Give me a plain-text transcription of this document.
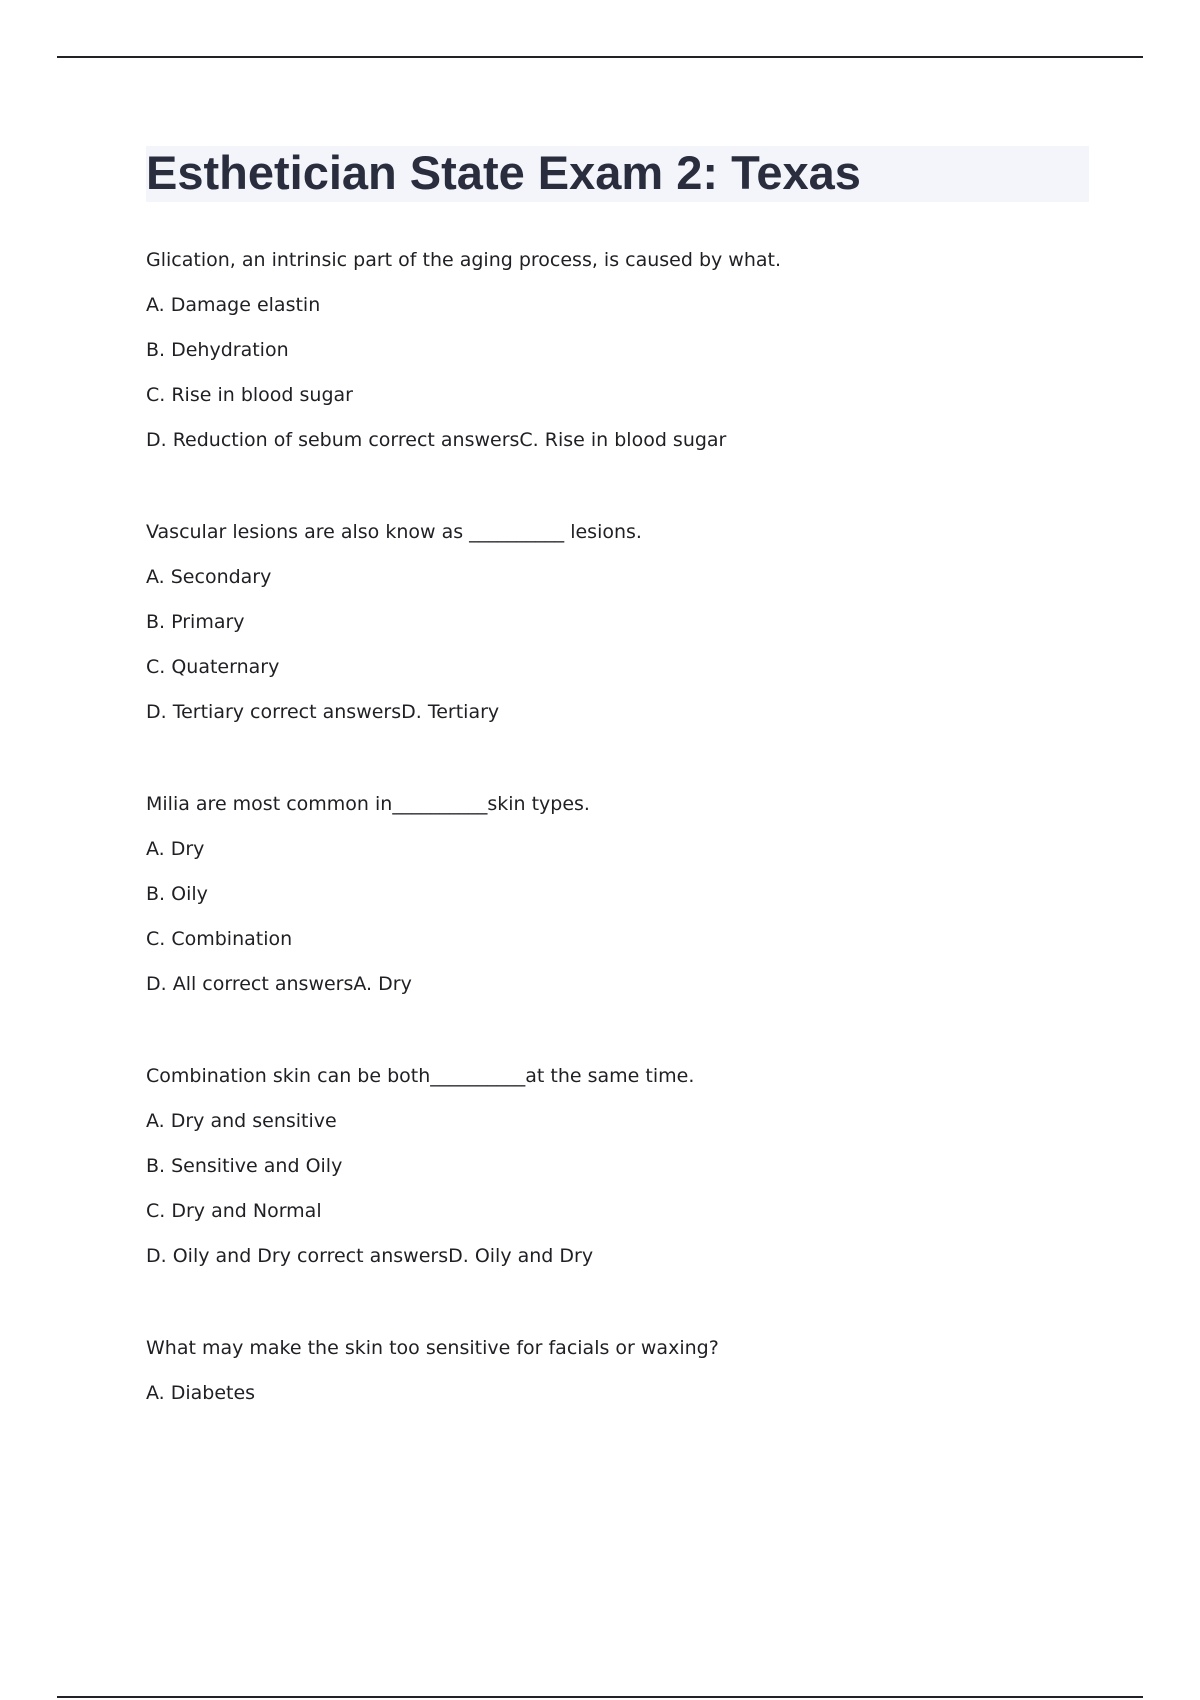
Esthetician State Exam 2: Texas
Glication, an intrinsic part of the aging process, is caused by what.
A. Damage elastin
B. Dehydration
C. Rise in blood sugar
D. Reduction of sebum correct answersC. Rise in blood sugar
Vascular lesions are also know as __________ lesions.
A. Secondary
B. Primary
C. Quaternary
D. Tertiary correct answersD. Tertiary
Milia are most common in__________skin types.
A. Dry
B. Oily
C. Combination
D. All correct answersA. Dry
Combination skin can be both__________at the same time.
A. Dry and sensitive
B. Sensitive and Oily
C. Dry and Normal
D. Oily and Dry correct answersD. Oily and Dry
What may make the skin too sensitive for facials or waxing?
A. Diabetes
